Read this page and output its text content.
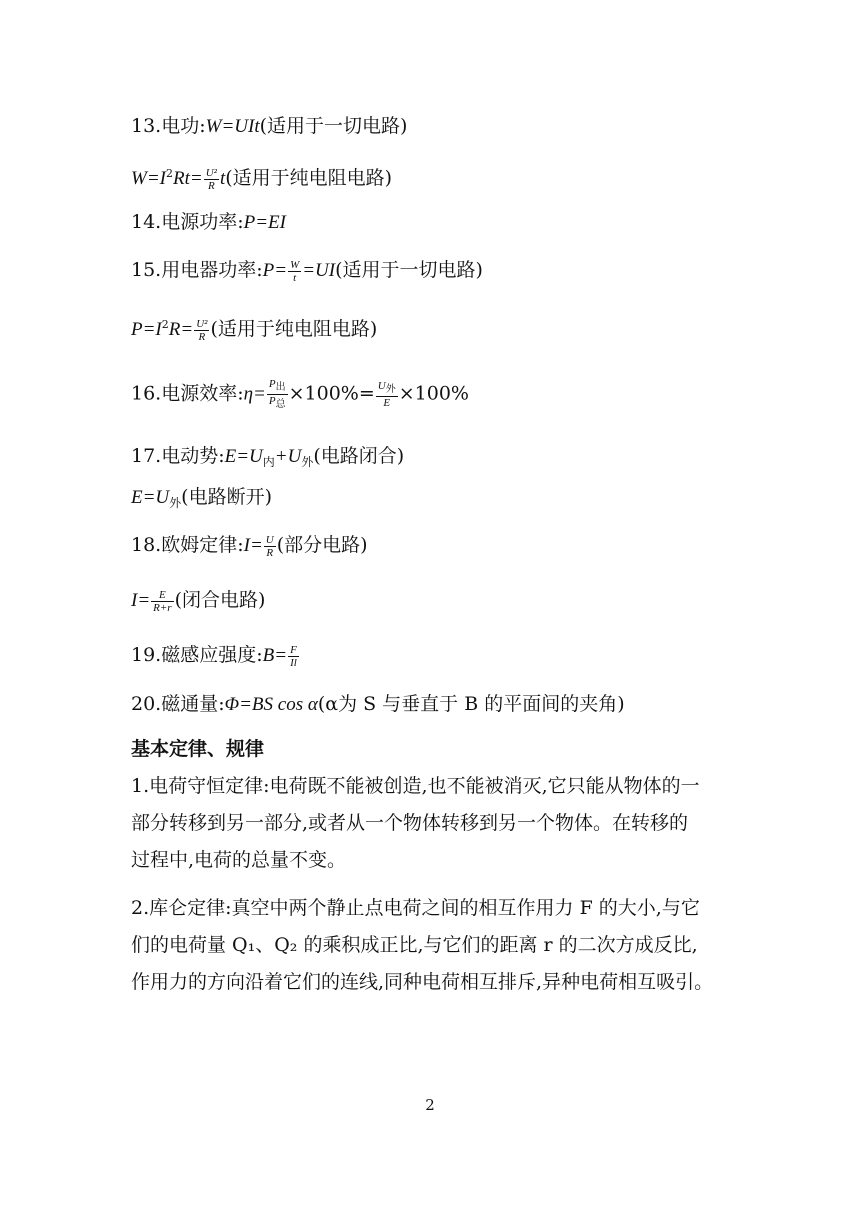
13.电功:W=UIt(适用于一切电路)
$W=I^2Rt= \frac{\text{U²}}{R} t$(适用于纯电阻电路)
14.电源功率:P=EI
15.用电器功率:P= $\frac{W}{t} =UI$(适用于一切电路)
$P=I^2R= \frac{\text{U²}}{R}$ (适用于纯电阻电路)
16.电源效率:η= $\frac{\text{P出}}{\text{P总}} \times 100\%= \frac{\text{U外}}{E} \times 100\%$
17.电动势$:E=U_内+U_外$(电路闭合)
$E=U_外$(电路断开)
18.欧姆定律:I= $\frac{U}{R}$ (部分电路)
$I= \frac{E}{R+r}$ (闭合电路)
19.磁感应强度:B= $\frac{F}{Il}$
20.磁通量:Φ=BS cos α(α为 S 与垂直于 B 的平面间的夹角)
基本定律、规律
1.电荷守恒定律:电荷既不能被创造,也不能被消灭,它只能从物体的一
部分转移到另一部分,或者从一个物体转移到另一个物体。在转移的
过程中,电荷的总量不变。
2.库仑定律:真空中两个静止点电荷之间的相互作用力 F 的大小,与它
们的电荷量 Q₁、Q₂ 的乘积成正比,与它们的距离 r 的二次方成反比,
作用力的方向沿着它们的连线,同种电荷相互排斥,异种电荷相互吸引。
2
